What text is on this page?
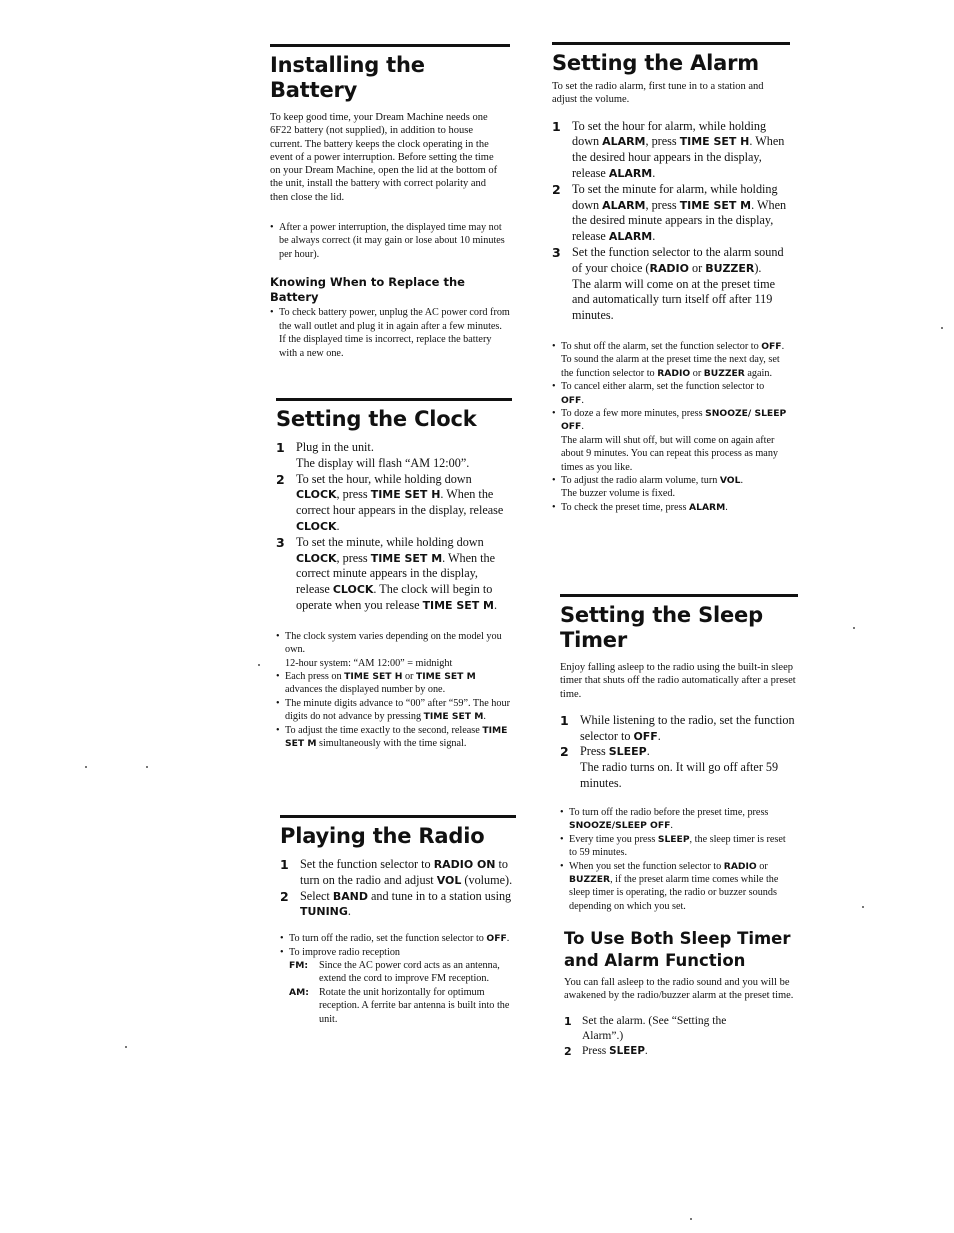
Installing the Battery

To keep good time, your Dream Machine needs one 6F22 battery (not supplied), in addition to house current. The battery keeps the clock operating in the event of a power interruption. Before setting the time on your Dream Machine, open the lid at the bottom of the unit, install the battery with correct polarity and then close the lid.

• After a power interruption, the displayed time may not be always correct (it may gain or lose about 10 minutes per hour).
Knowing When to Replace the Battery
• To check battery power, unplug the AC power cord from the wall outlet and plug it in again after a few minutes. If the displayed time is incorrect, replace the battery with a new one.
Setting the Clock
1 Plug in the unit.
The display will flash “AM 12:00”.
2 To set the hour, while holding down CLOCK, press TIME SET H. When the correct hour appears in the display, release CLOCK.
3 To set the minute, while holding down CLOCK, press TIME SET M. When the correct minute appears in the display, release CLOCK. The clock will begin to operate when you release TIME SET M.
• The clock system varies depending on the model you own.
12-hour system: “AM 12:00” = midnight
• Each press on TIME SET H or TIME SET M advances the displayed number by one.
• The minute digits advance to “00” after “59”. The hour digits do not advance by pressing TIME SET M.
• To adjust the time exactly to the second, release TIME SET M simultaneously with the time signal.
Playing the Radio
1 Set the function selector to RADIO ON to turn on the radio and adjust VOL (volume).
2 Select BAND and tune in to a station using TUNING.
• To turn off the radio, set the function selector to OFF.
• To improve radio reception
FM:	Since the AC power cord acts as an antenna, extend the cord to improve FM reception.
AM: Rotate the unit horizontally for optimum reception. A ferrite bar antenna is built into the unit.
Setting the Alarm

To set the radio alarm, first tune in to a station and adjust the volume.

1 To set the hour for alarm, while holding down ALARM, press TIME SET H. When the desired hour appears in the display, release ALARM.
2 To set the minute for alarm, while holding down ALARM, press TIME SET M. When the desired minute appears in the display, release ALARM.
3 Set the function selector to the alarm sound of your choice (RADIO or BUZZER).
The alarm will come on at the preset time and automatically turn itself off after 119 minutes.
• To shut off the alarm, set the function selector to OFF.
To sound the alarm at the preset time the next day, set the function selector to RADIO or BUZZER again.
• To cancel either alarm, set the function selector to OFF.
• To doze a few more minutes, press SNOOZE/ SLEEP OFF.
The alarm will shut off, but will come on again after about 9 minutes. You can repeat this process as many times as you like.
• To adjust the radio alarm volume, turn VOL.
The buzzer volume is fixed.
• To check the preset time, press ALARM.
Setting the Sleep Timer

Enjoy falling asleep to the radio using the built-in sleep timer that shuts off the radio automatically after a preset time.

1 While listening to the radio, set the function selector to OFF.
2 Press SLEEP.
The radio turns on. It will go off after 59 minutes.
• To turn off the radio before the preset time, press SNOOZE/SLEEP OFF.
• Every time you press SLEEP, the sleep timer is reset to 59 minutes.
• When you set the function selector to RADIO or BUZZER, if the preset alarm time comes while the sleep timer is operating, the radio or buzzer sounds depending on which you set.
To Use Both Sleep Timer and Alarm Function

You can fall asleep to the radio sound and you will be awakened by the radio/buzzer alarm at the preset time.

1 Set the alarm. (See “Setting the Alarm”.)
2 Press SLEEP.
